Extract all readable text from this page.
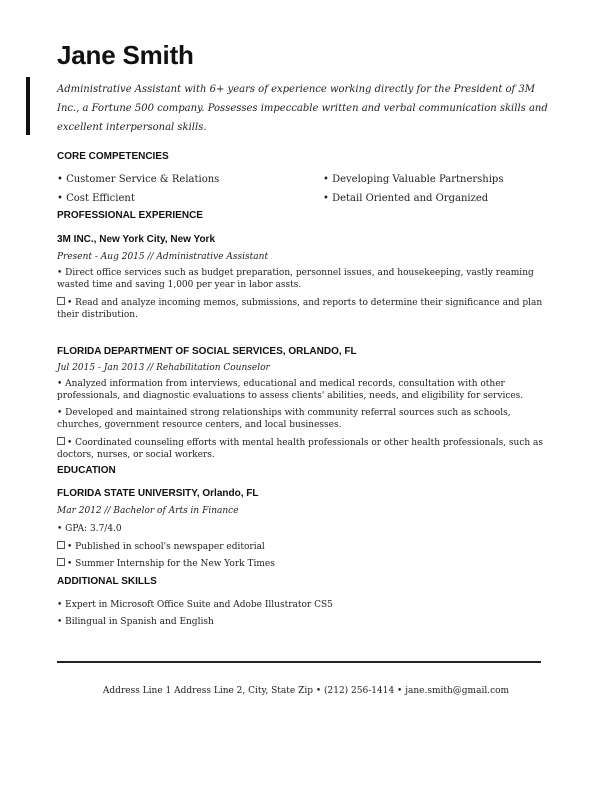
Jane Smith
Administrative Assistant with 6+ years of experience working directly for the President of 3M Inc., a Fortune 500 company. Possesses impeccable written and verbal communication skills and excellent interpersonal skills.
CORE COMPETENCIES
• Customer Service & Relations	• Developing Valuable Partnerships
• Cost Efficient	• Detail Oriented and Organized
PROFESSIONAL EXPERIENCE
3M INC., New York City, New York
Present - Aug 2015 // Administrative Assistant
• Direct office services such as budget preparation, personnel issues, and housekeeping, vastly reaming wasted time and saving 1,000 per year in labor assts.
• Read and analyze incoming memos, submissions, and reports to determine their significance and plan their distribution.
FLORIDA DEPARTMENT OF SOCIAL SERVICES, ORLANDO, FL
Jul 2015 - Jan 2013 // Rehabilitation Counselor
• Analyzed information from interviews, educational and medical records, consultation with other professionals, and diagnostic evaluations to assess clients' abilities, needs, and eligibility for services.
• Developed and maintained strong relationships with community referral sources such as schools, churches, government resource centers, and local businesses.
• Coordinated counseling efforts with mental health professionals or other health professionals, such as doctors, nurses, or social workers.
EDUCATION
FLORIDA STATE UNIVERSITY, Orlando, FL
Mar 2012 // Bachelor of Arts in Finance
• GPA: 3.7/4.0
• Published in school's newspaper editorial
• Summer Internship for the New York Times
ADDITIONAL SKILLS
• Expert in Microsoft Office Suite and Adobe Illustrator CS5
• Bilingual in Spanish and English
Address Line 1 Address Line 2, City, State Zip • (212) 256-1414 • jane.smith@gmail.com
